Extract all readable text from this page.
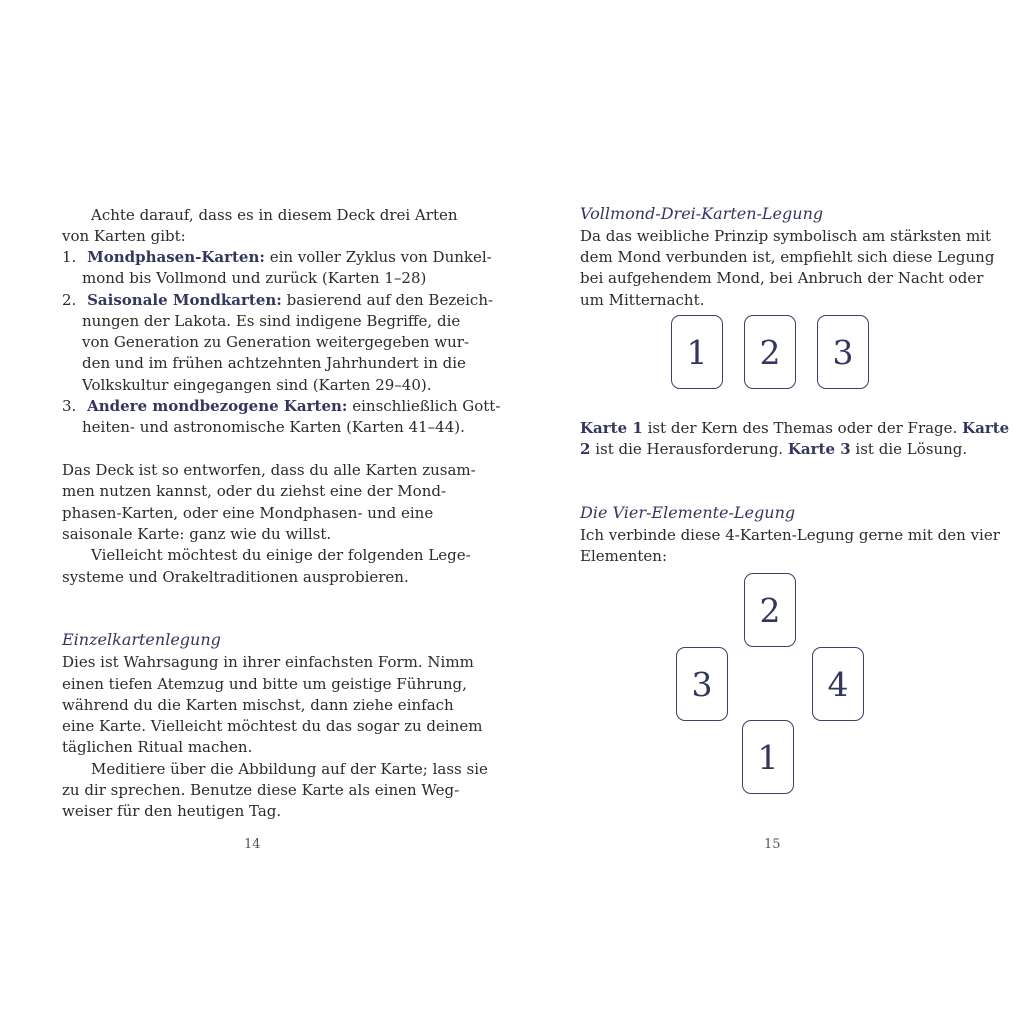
Achte darauf, dass es in diesem Deck drei Arten
von Karten gibt:
1. Mondphasen-Karten: ein voller Zyklus von Dunkel-
mond bis Vollmond und zurück (Karten 1–28)
2. Saisonale Mondkarten: basierend auf den Bezeich-
nungen der Lakota. Es sind indigene Begriffe, die
von Generation zu Generation weitergegeben wur-
den und im frühen achtzehnten Jahrhundert in die
Volkskultur eingegangen sind (Karten 29–40).
3. Andere mondbezogene Karten: einschließlich Gott-
heiten- und astronomische Karten (Karten 41–44).
Das Deck ist so entworfen, dass du alle Karten zusam-
men nutzen kannst, oder du ziehst eine der Mond-
phasen-Karten, oder eine Mondphasen- und eine
saisonale Karte: ganz wie du willst.
Vielleicht möchtest du einige der folgenden Lege-
systeme und Orakeltraditionen ausprobieren.
Einzelkartenlegung
Dies ist Wahrsagung in ihrer einfachsten Form. Nimm
einen tiefen Atemzug und bitte um geistige Führung,
während du die Karten mischst, dann ziehe einfach
eine Karte. Vielleicht möchtest du das sogar zu deinem
täglichen Ritual machen.
Meditiere über die Abbildung auf der Karte; lass sie
zu dir sprechen. Benutze diese Karte als einen Weg-
weiser für den heutigen Tag.
14
Vollmond-Drei-Karten-Legung
Da das weibliche Prinzip symbolisch am stärksten mit
dem Mond verbunden ist, empfiehlt sich diese Legung
bei aufgehendem Mond, bei Anbruch der Nacht oder
um Mitternacht.
1	2	3
Karte 1 ist der Kern des Themas oder der Frage. Karte
2 ist die Herausforderung. Karte 3 ist die Lösung.
Die Vier-Elemente-Legung
Ich verbinde diese 4-Karten-Legung gerne mit den vier
Elementen:
2
3	4
1
15
